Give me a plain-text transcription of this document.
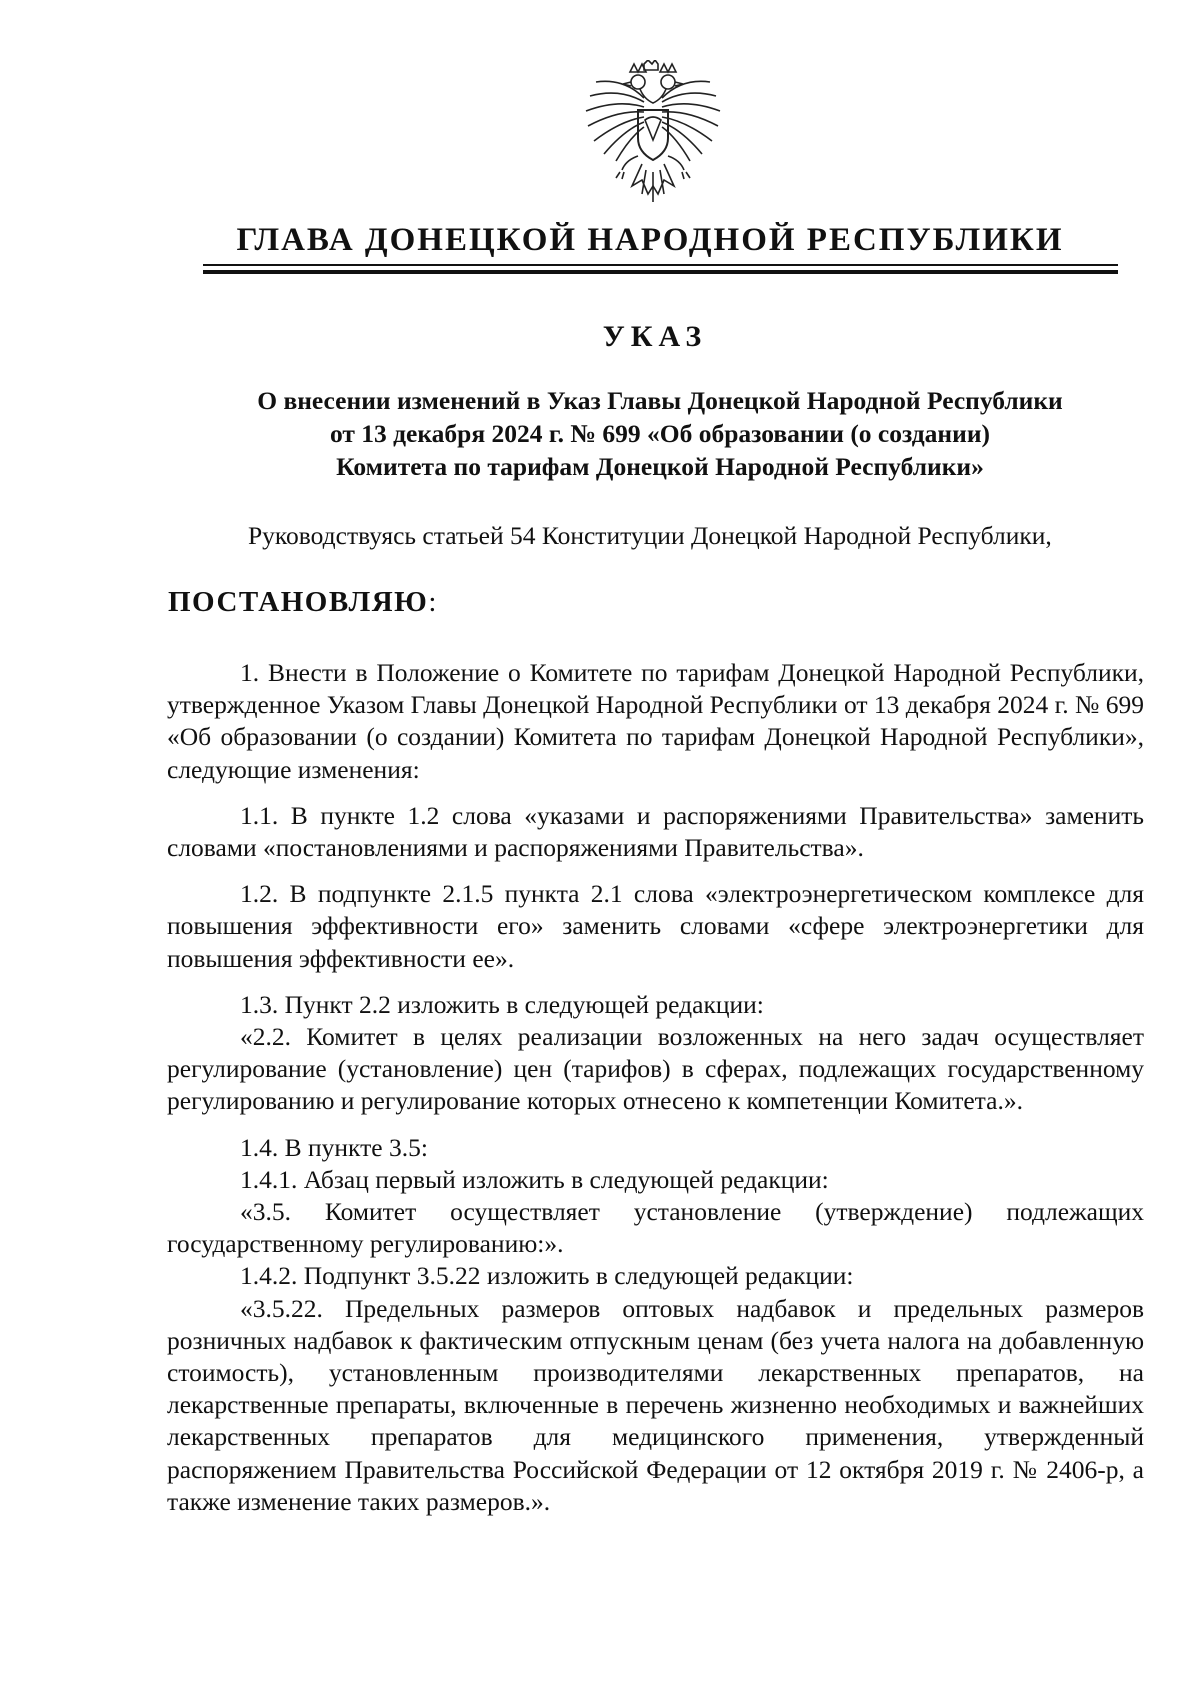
ГЛАВА ДОНЕЦКОЙ НАРОДНОЙ РЕСПУБЛИКИ
УКАЗ
О внесении изменений в Указ Главы Донецкой Народной Республики
от 13 декабря 2024 г. № 699 «Об образовании (о создании)
Комитета по тарифам Донецкой Народной Республики»
Руководствуясь статьей 54 Конституции Донецкой Народной Республики,
ПОСТАНОВЛЯЮ:

1. Внести в Положение о Комитете по тарифам Донецкой Народной Республики, утвержденное Указом Главы Донецкой Народной Республики от 13 декабря 2024 г. № 699 «Об образовании (о создании) Комитета по тарифам Донецкой Народной Республики», следующие изменения:

1.1. В пункте 1.2 слова «указами и распоряжениями Правительства» заменить словами «постановлениями и распоряжениями Правительства».

1.2. В подпункте 2.1.5 пункта 2.1 слова «электроэнергетическом комплексе для повышения эффективности его» заменить словами «сфере электроэнергетики для повышения эффективности ее».

1.3. Пункт 2.2 изложить в следующей редакции:

«2.2. Комитет в целях реализации возложенных на него задач осуществляет регулирование (установление) цен (тарифов) в сферах, подлежащих государственному регулированию и регулирование которых отнесено к компетенции Комитета.».

1.4. В пункте 3.5:

1.4.1. Абзац первый изложить в следующей редакции:

«3.5. Комитет осуществляет установление (утверждение) подлежащих государственному регулированию:».

1.4.2. Подпункт 3.5.22 изложить в следующей редакции:

«3.5.22. Предельных размеров оптовых надбавок и предельных размеров розничных надбавок к фактическим отпускным ценам (без учета налога на добавленную стоимость), установленным производителями лекарственных препаратов, на лекарственные препараты, включенные в перечень жизненно необходимых и важнейших лекарственных препаратов для медицинского применения, утвержденный распоряжением Правительства Российской Федерации от 12 октября 2019 г. № 2406-р, а также изменение таких размеров.».
